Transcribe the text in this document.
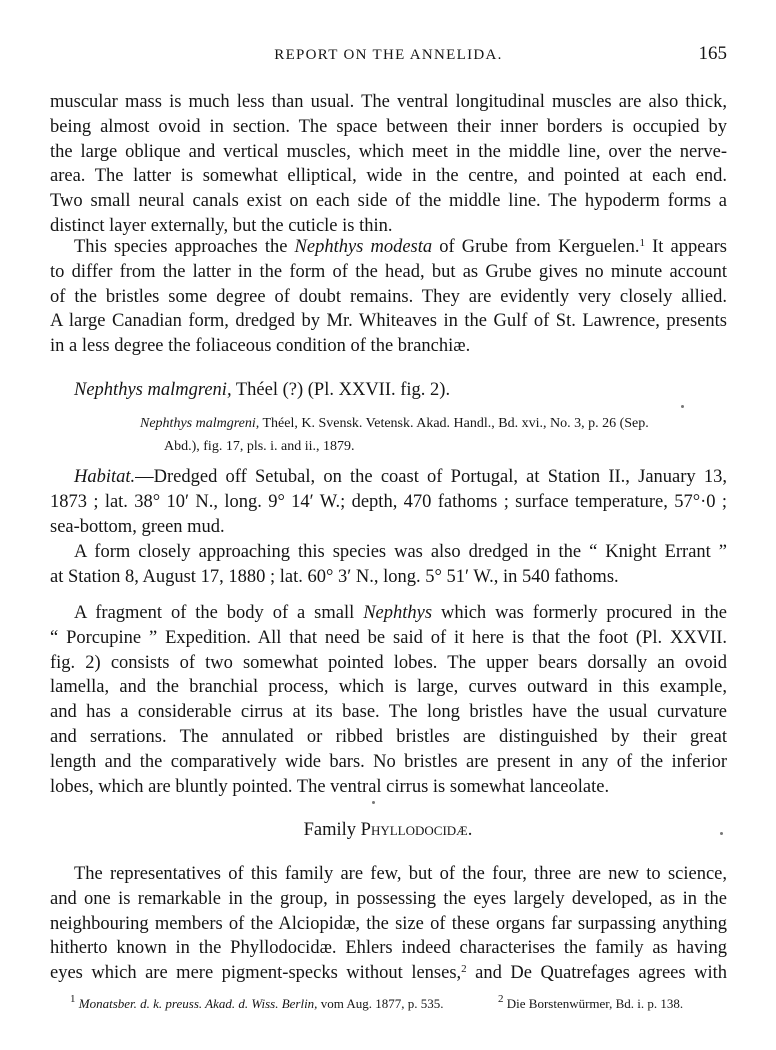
REPORT ON THE ANNELIDA.	165
muscular mass is much less than usual. The ventral longitudinal muscles are also thick,
being almost ovoid in section. The space between their inner borders is occupied by
the large oblique and vertical muscles, which meet in the middle line, over the nerve-
area. The latter is somewhat elliptical, wide in the centre, and pointed at each end.
Two small neural canals exist on each side of the middle line. The hypoderm forms a
distinct layer externally, but the cuticle is thin.
This species approaches the Nephthys modesta of Grube from Kerguelen.$^1$ It appears
to differ from the latter in the form of the head, but as Grube gives no minute account
of the bristles some degree of doubt remains. They are evidently very closely allied.
A large Canadian form, dredged by Mr. Whiteaves in the Gulf of St. Lawrence, presents
in a less degree the foliaceous condition of the branchiæ.

Nephthys malmgreni, Théel (?) (Pl. XXVII. fig. 2).

Nephthys malmgreni, Théel, K. Svensk. Vetensk. Akad. Handl., Bd. xvi., No. 3, p. 26 (Sep.
Abd.), fig. 17, pls. i. and ii., 1879.
Habitat.—Dredged off Setubal, on the coast of Portugal, at Station II., January 13,
1873 ; lat. 38° 10′ N., long. 9° 14′ W.; depth, 470 fathoms ; surface temperature, 57°·0 ;
sea-bottom, green mud.
A form closely approaching this species was also dredged in the “ Knight Errant ”
at Station 8, August 17, 1880 ; lat. 60° 3′ N., long. 5° 51′ W., in 540 fathoms.
A fragment of the body of a small Nephthys which was formerly procured in the
“ Porcupine ” Expedition. All that need be said of it here is that the foot (Pl. XXVII.
fig. 2) consists of two somewhat pointed lobes. The upper bears dorsally an ovoid
lamella, and the branchial process, which is large, curves outward in this example,
and has a considerable cirrus at its base. The long bristles have the usual curvature
and serrations. The annulated or ribbed bristles are distinguished by their great
length and the comparatively wide bars. No bristles are present in any of the inferior
lobes, which are bluntly pointed. The ventral cirrus is somewhat lanceolate.

Family Phyllodocidæ.

The representatives of this family are few, but of the four, three are new to science,
and one is remarkable in the group, in possessing the eyes largely developed, as in the
neighbouring members of the Alciopidæ, the size of these organs far surpassing anything
hitherto known in the Phyllodocidæ. Ehlers indeed characterises the family as having
eyes which are mere pigment-specks without lenses,$^2$ and De Quatrefages agrees with
$^1$ Monatsber. d. k. preuss. Akad. d. Wiss. Berlin, vom Aug. 1877, p. 535.	$^2$ Die Borstenwürmer, Bd. i. p. 138.
